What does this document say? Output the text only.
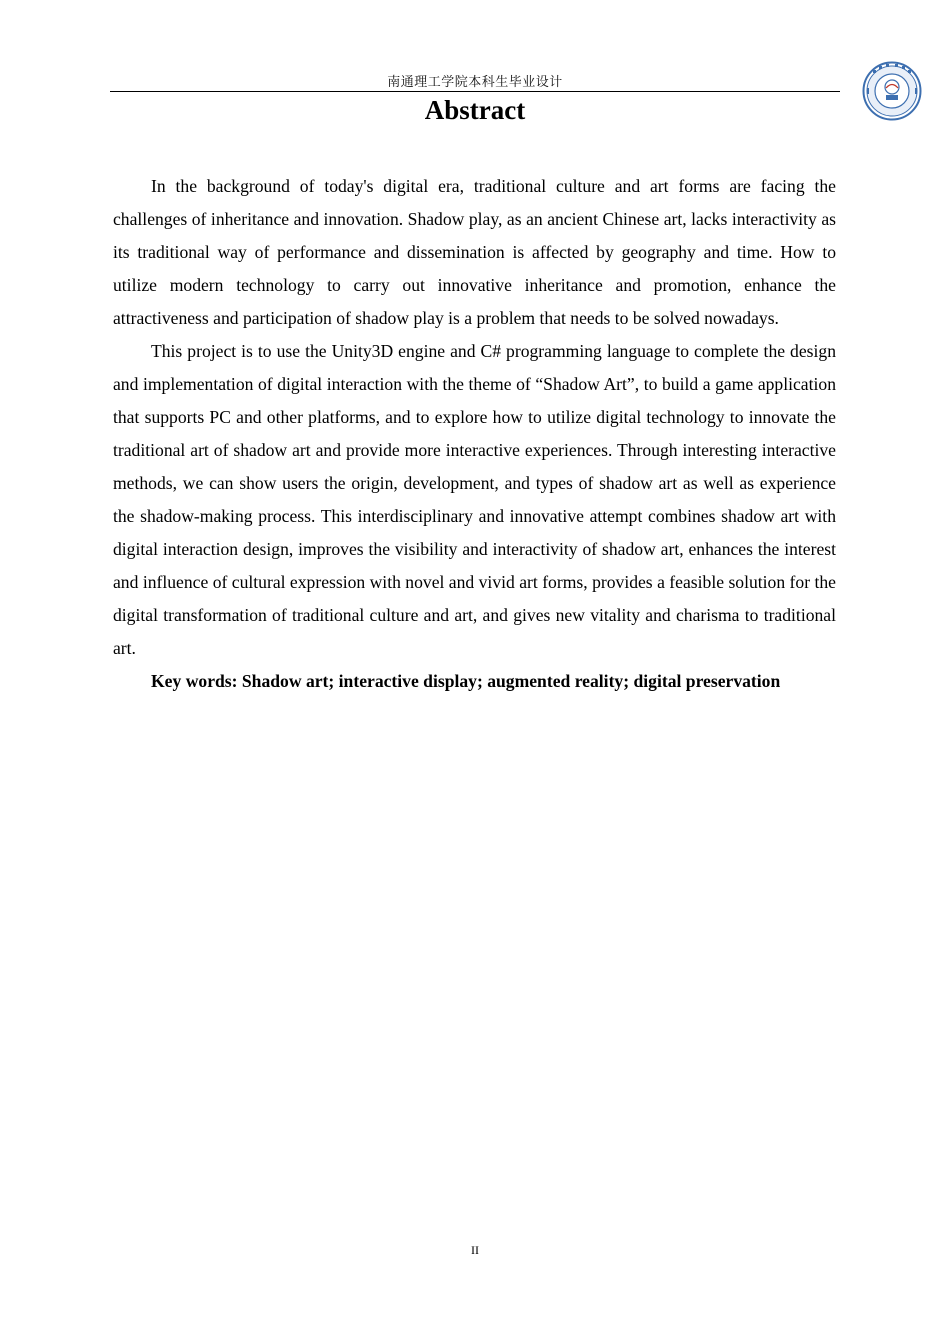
南通理工学院本科生毕业设计
Abstract

In the background of today's digital era, traditional culture and art forms are facing the challenges of inheritance and innovation. Shadow play, as an ancient Chinese art, lacks interactivity as its traditional way of performance and dissemination is affected by geography and time. How to utilize modern technology to carry out innovative inheritance and promotion, enhance the attractiveness and participation of shadow play is a problem that needs to be solved nowadays.

This project is to use the Unity3D engine and C# programming language to complete the design and implementation of digital interaction with the theme of “Shadow Art”, to build a game application that supports PC and other platforms, and to explore how to utilize digital technology to innovate the traditional art of shadow art and provide more interactive experiences. Through interesting interactive methods, we can show users the origin, development, and types of shadow art as well as experience the shadow-making process. This interdisciplinary and innovative attempt combines shadow art with digital interaction design, improves the visibility and interactivity of shadow art, enhances the interest and influence of cultural expression with novel and vivid art forms, provides a feasible solution for the digital transformation of traditional culture and art, and gives new vitality and charisma to traditional art.

Key words: Shadow art; interactive display; augmented reality; digital preservation

II
